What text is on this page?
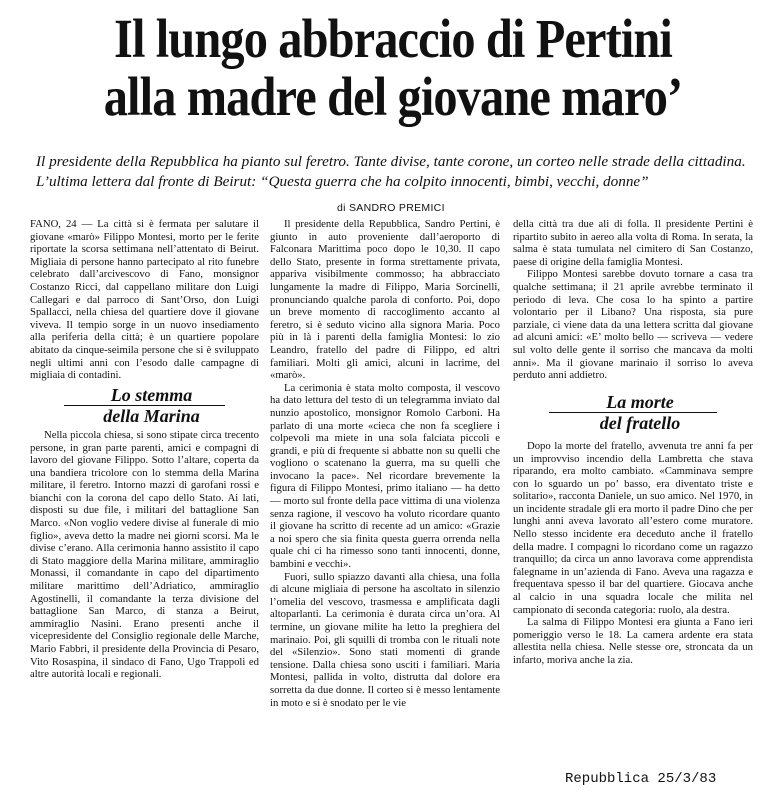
Il lungo abbraccio di Pertini
alla madre del giovane maro’

Il presidente della Repubblica ha pianto sul feretro. Tante divise, tante corone, un corteo nelle strade della cittadina. L’ultima lettera dal fronte di Beirut: “Questa guerra che ha colpito innocenti, bimbi, vecchi, donne”

di SANDRO PREMICI

FANO, 24 — La città si è fermata per salutare il giovane «marò» Filippo Montesi, morto per le ferite riportate la scorsa settimana nell’attentato di Beirut. Migliaia di persone hanno partecipato al rito funebre celebrato dall’arcivescovo di Fano, monsignor Costanzo Ricci, dal cappellano militare don Luigi Callegari e dal parroco di Sant’Orso, don Luigi Spallacci, nella chiesa del quartiere dove il giovane viveva. Il tempio sorge in un nuovo insediamento alla periferia della città; è un quartiere popolare abitato da cinque-seimila persone che si è sviluppato negli ultimi anni con l’esodo dalle campagne di migliaia di contadini.

Lo stemma

della Marina

Nella piccola chiesa, si sono stipate circa trecento persone, in gran parte parenti, amici e compagni di lavoro del giovane Filippo. Sotto l’altare, coperta da una bandiera tricolore con lo stemma della Marina militare, il feretro. Intorno mazzi di garofani rossi e bianchi con la corona del capo dello Stato. Ai lati, disposti su due file, i militari del battaglione San Marco. «Non voglio vedere divise al funerale di mio figlio», aveva detto la madre nei giorni scorsi. Ma le divise c’erano. Alla cerimonia hanno assistito il capo di Stato maggiore della Marina militare, ammiraglio Monassi, il comandante in capo del dipartimento militare marittimo dell’Adriatico, ammiraglio Agostinelli, il comandante la terza divisione del battaglione San Marco, di stanza a Beirut, ammiraglio Nasini. Erano presenti anche il vicepresidente del Consiglio regionale delle Marche, Mario Fabbri, il presidente della Provincia di Pesaro, Vito Rosaspina, il sindaco di Fano, Ugo Trappoli ed altre autorità locali e regionali.

Il presidente della Repubblica, Sandro Pertini, è giunto in auto proveniente dall’aeroporto di Falconara Marittima poco dopo le 10,30. Il capo dello Stato, presente in forma strettamente privata, appariva visibilmente commosso; ha abbracciato lungamente la madre di Filippo, Maria Sorcinelli, pronunciando qualche parola di conforto. Poi, dopo un breve momento di raccoglimento accanto al feretro, si è seduto vicino alla signora Maria. Poco più in là i parenti della famiglia Montesi: lo zio Leandro, fratello del padre di Filippo, ed altri familiari. Molti gli amici, alcuni in lacrime, del «marò».

La cerimonia è stata molto composta, il vescovo ha dato lettura del testo di un telegramma inviato dal nunzio apostolico, monsignor Romolo Carboni. Ha parlato di una morte «cieca che non fa scegliere i colpevoli ma miete in una sola falciata piccoli e grandi, e più di frequente si abbatte non su quelli che vogliono o scatenano la guerra, ma su quelli che invocano la pace». Nel ricordare brevemente la figura di Filippo Montesi, primo italiano — ha detto — morto sul fronte della pace vittima di una violenza senza ragione, il vescovo ha voluto ricordare quanto il giovane ha scritto di recente ad un amico: «Grazie a noi spero che sia finita questa guerra orrenda nella quale chi ci ha rimesso sono tanti innocenti, donne, bambini e vecchi».

Fuori, sullo spiazzo davanti alla chiesa, una folla di alcune migliaia di persone ha ascoltato in silenzio l’omelia del vescovo, trasmessa e amplificata dagli altoparlanti. La cerimonia è durata circa un’ora. Al termine, un giovane milite ha letto la preghiera del marinaio. Poi, gli squilli di tromba con le rituali note del «Silenzio». Sono stati momenti di grande tensione. Dalla chiesa sono usciti i familiari. Maria Montesi, pallida in volto, distrutta dal dolore era sorretta da due donne. Il corteo si è messo lentamente in moto e si è snodato per le vie

della città tra due ali di folla. Il presidente Pertini è ripartito subito in aereo alla volta di Roma. In serata, la salma è stata tumulata nel cimitero di San Costanzo, paese di origine della famiglia Montesi.

Filippo Montesi sarebbe dovuto tornare a casa tra qualche settimana; il 21 aprile avrebbe terminato il periodo di leva. Che cosa lo ha spinto a partire volontario per il Libano? Una risposta, sia pure parziale, ci viene data da una lettera scritta dal giovane ad alcuni amici: «E’ molto bello — scriveva — vedere sul volto delle gente il sorriso che mancava da molti anni». Ma il giovane marinaio il sorriso lo aveva perduto anni addietro.

La morte

del fratello

Dopo la morte del fratello, avvenuta tre anni fa per un improvviso incendio della Lambretta che stava riparando, era molto cambiato. «Camminava sempre con lo sguardo un po’ basso, era diventato triste e solitario», racconta Daniele, un suo amico. Nel 1970, in un incidente stradale gli era morto il padre Dino che per lunghi anni aveva lavorato all’estero come muratore. Nello stesso incidente era deceduto anche il fratello della madre. I compagni lo ricordano come un ragazzo tranquillo; da circa un anno lavorava come apprendista falegname in un’azienda di Fano. Aveva una ragazza e frequentava spesso il bar del quartiere. Giocava anche al calcio in una squadra locale che milita nel campionato di seconda categoria: ruolo, ala destra.

La salma di Filippo Montesi era giunta a Fano ieri pomeriggio verso le 18. La camera ardente era stata allestita nella chiesa. Nelle stesse ore, stroncata da un infarto, moriva anche la zia.

Repubblica 25/3/83
